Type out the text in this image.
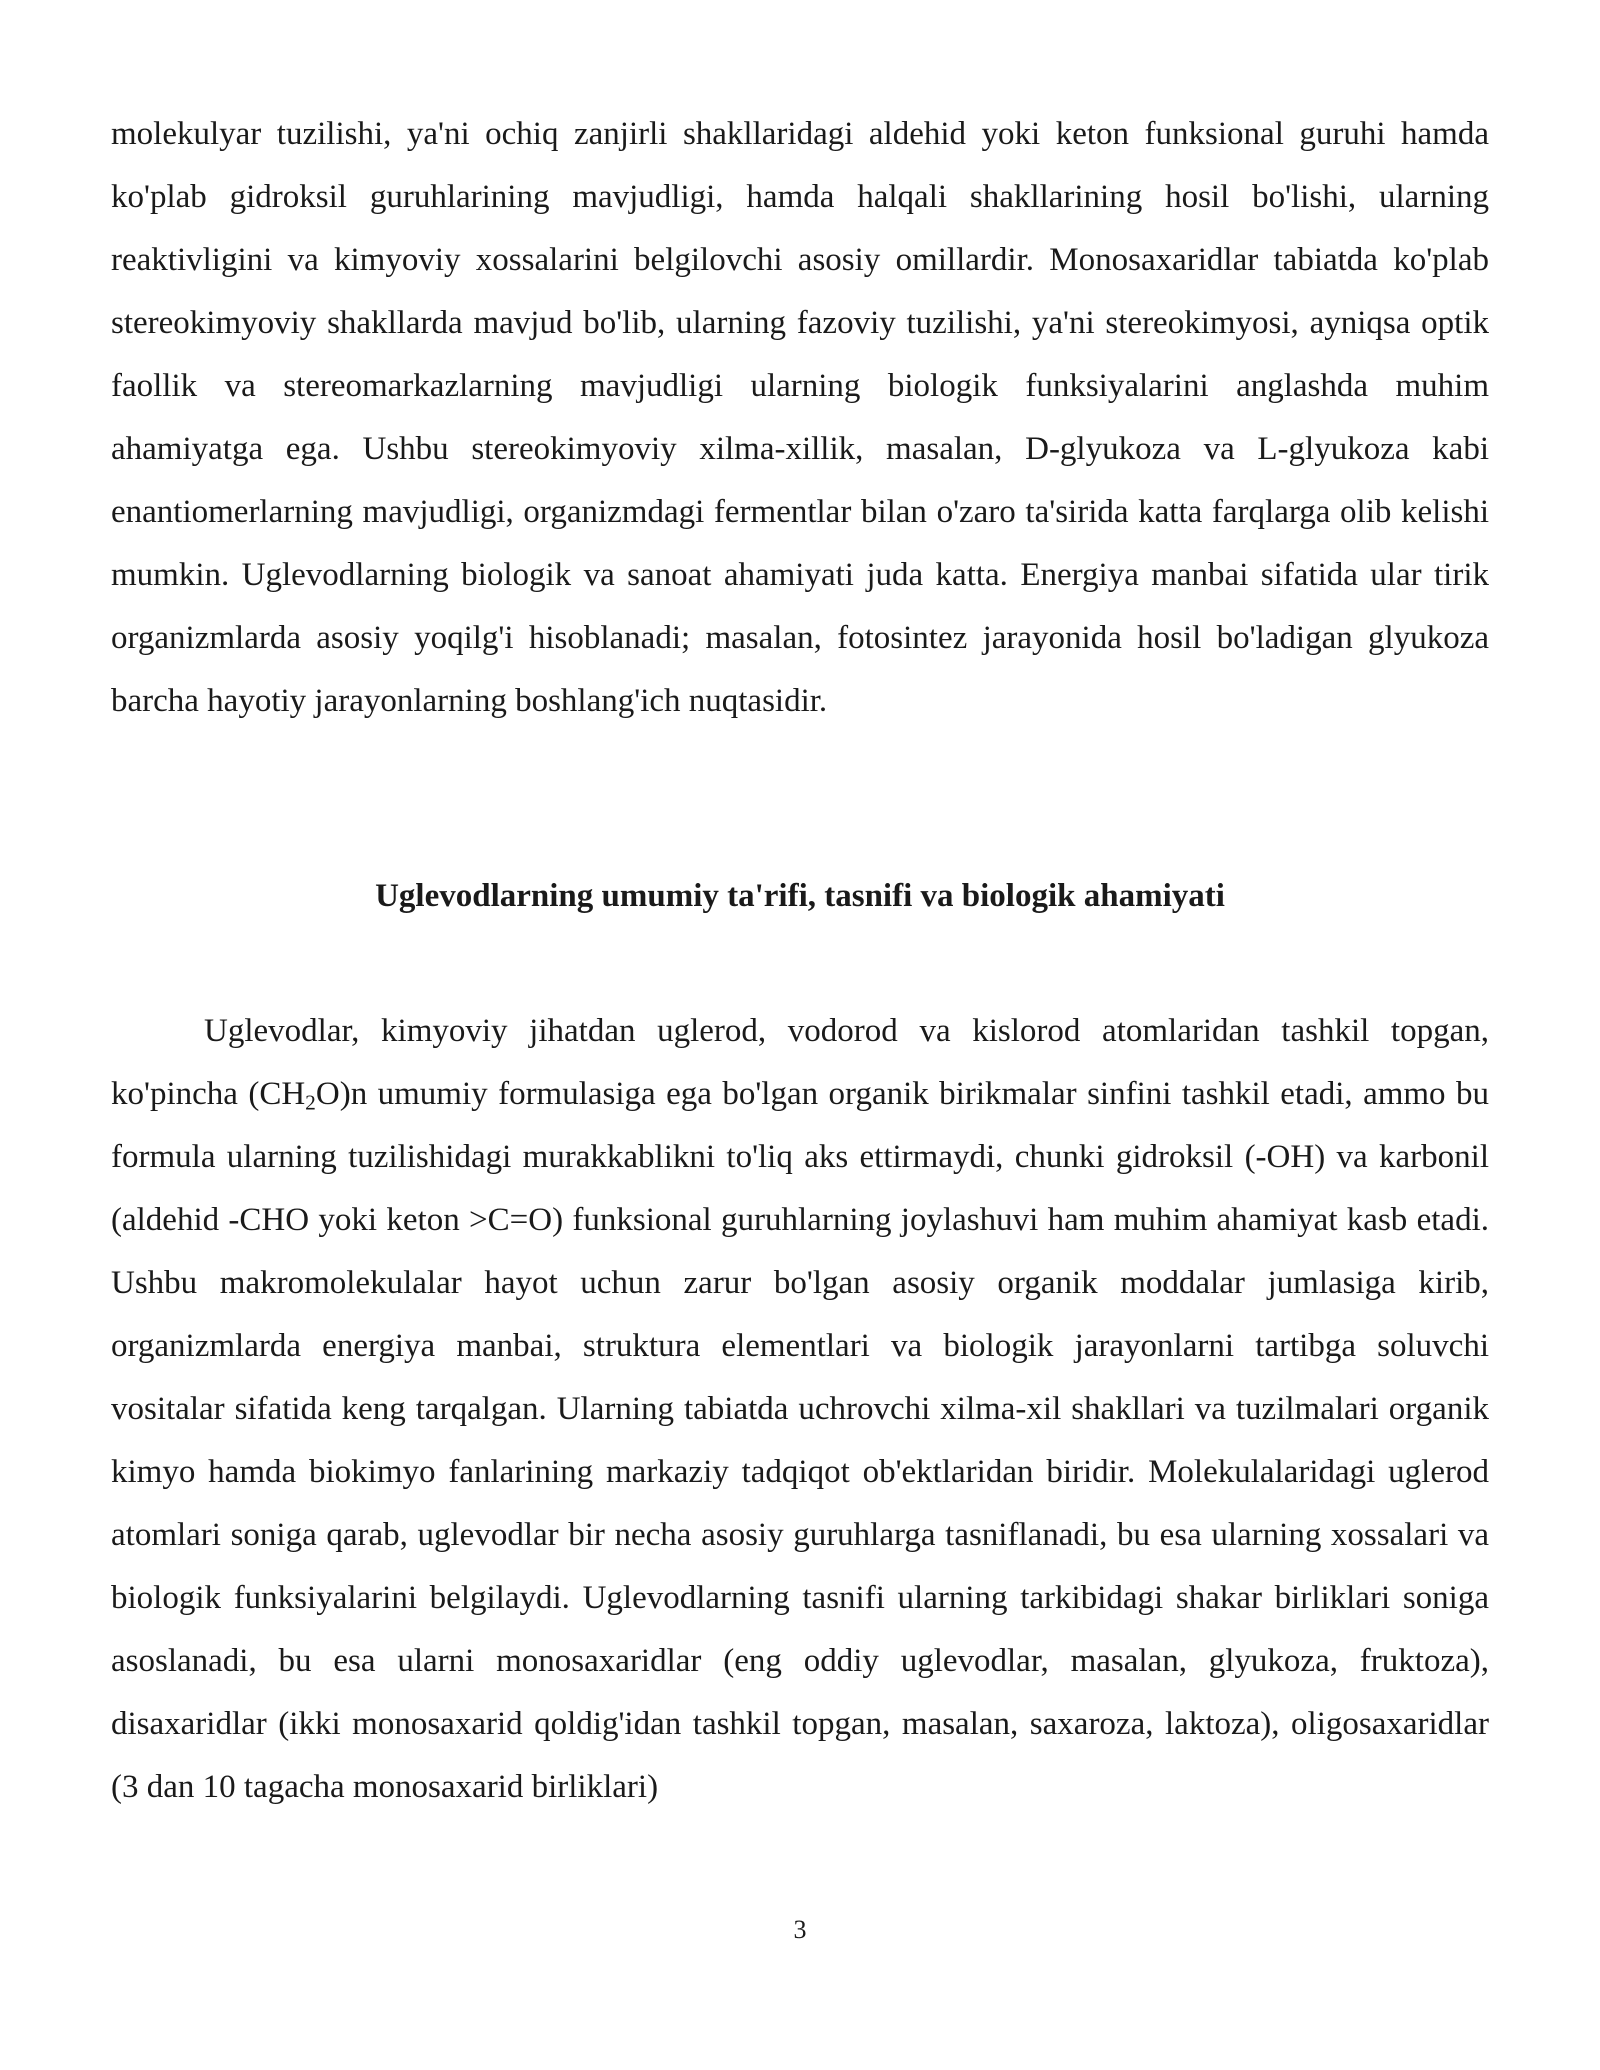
molekulyar tuzilishi, ya'ni ochiq zanjirli shakllaridagi aldehid yoki keton funksional guruhi hamda ko'plab gidroksil guruhlarining mavjudligi, hamda halqali shakllarining hosil bo'lishi, ularning reaktivligini va kimyoviy xossalarini belgilovchi asosiy omillardir. Monosaxaridlar tabiatda ko'plab stereokimyoviy shakllarda mavjud bo'lib, ularning fazoviy tuzilishi, ya'ni stereokimyosi, ayniqsa optik faollik va stereomarkazlarning mavjudligi ularning biologik funksiyalarini anglashda muhim ahamiyatga ega. Ushbu stereokimyoviy xilma-xillik, masalan, D-glyukoza va L-glyukoza kabi enantiomerlarning mavjudligi, organizmdagi fermentlar bilan o'zaro ta'sirida katta farqlarga olib kelishi mumkin. Uglevodlarning biologik va sanoat ahamiyati juda katta. Energiya manbai sifatida ular tirik organizmlarda asosiy yoqilg'i hisoblanadi; masalan, fotosintez jarayonida hosil bo'ladigan glyukoza barcha hayotiy jarayonlarning boshlang'ich nuqtasidir.

Uglevodlarning umumiy ta'rifi, tasnifi va biologik ahamiyati

Uglevodlar, kimyoviy jihatdan uglerod, vodorod va kislorod atomlaridan tashkil topgan, ko'pincha $(CH_2O)n$ umumiy formulasiga ega bo'lgan organik birikmalar sinfini tashkil etadi, ammo bu formula ularning tuzilishidagi murakkablikni to'liq aks ettirmaydi, chunki gidroksil (-OH) va karbonil (aldehid -CHO yoki keton >C=O) funksional guruhlarning joylashuvi ham muhim ahamiyat kasb etadi. Ushbu makromolekulalar hayot uchun zarur bo'lgan asosiy organik moddalar jumlasiga kirib, organizmlarda energiya manbai, struktura elementlari va biologik jarayonlarni tartibga soluvchi vositalar sifatida keng tarqalgan. Ularning tabiatda uchrovchi xilma-xil shakllari va tuzilmalari organik kimyo hamda biokimyo fanlarining markaziy tadqiqot ob'ektlaridan biridir. Molekulalaridagi uglerod atomlari soniga qarab, uglevodlar bir necha asosiy guruhlarga tasniflanadi, bu esa ularning xossalari va biologik funksiyalarini belgilaydi. Uglevodlarning tasnifi ularning tarkibidagi shakar birliklari soniga asoslanadi, bu esa ularni monosaxaridlar (eng oddiy uglevodlar, masalan, glyukoza, fruktoza), disaxaridlar (ikki monosaxarid qoldig'idan tashkil topgan, masalan, saxaroza, laktoza), oligosaxaridlar (3 dan 10 tagacha monosaxarid birliklari)

3
